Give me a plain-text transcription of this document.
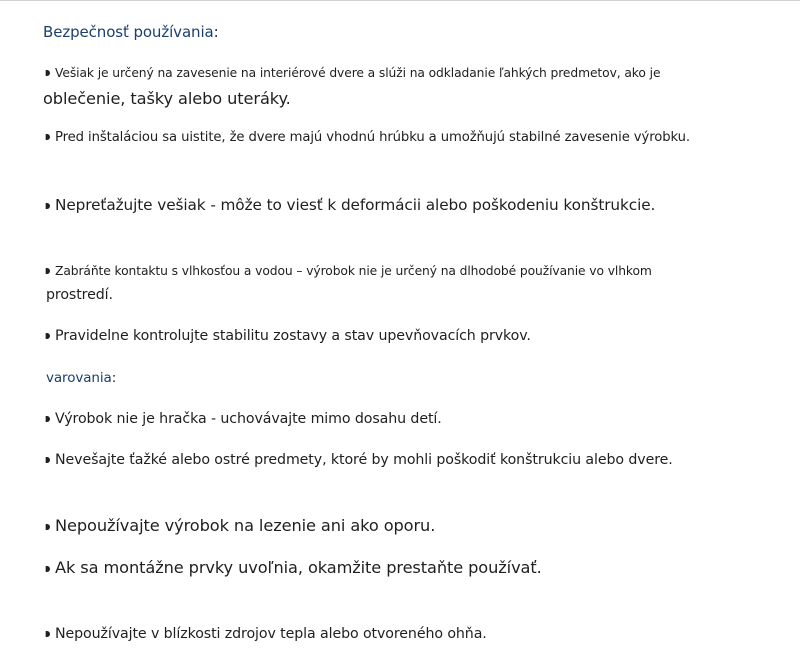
Bezpečnosť používania:

Vešiak je určený na zavesenie na interiérové dvere a slúži na odkladanie ľahkých predmetov, ako je

oblečenie, tašky alebo uteráky.

Pred inštaláciou sa uistite, že dvere majú vhodnú hrúbku a umožňujú stabilné zavesenie výrobku.

Nepreťažujte vešiak - môže to viesť k deformácii alebo poškodeniu konštrukcie.

Zabráňte kontaktu s vlhkosťou a vodou – výrobok nie je určený na dlhodobé používanie vo vlhkom

prostredí.

Pravidelne kontrolujte stabilitu zostavy a stav upevňovacích prvkov.

varovania:

Výrobok nie je hračka - uchovávajte mimo dosahu detí.

Nevešajte ťažké alebo ostré predmety, ktoré by mohli poškodiť konštrukciu alebo dvere.

Nepoužívajte výrobok na lezenie ani ako oporu.

Ak sa montážne prvky uvoľnia, okamžite prestaňte používať.

Nepoužívajte v blízkosti zdrojov tepla alebo otvoreného ohňa.
